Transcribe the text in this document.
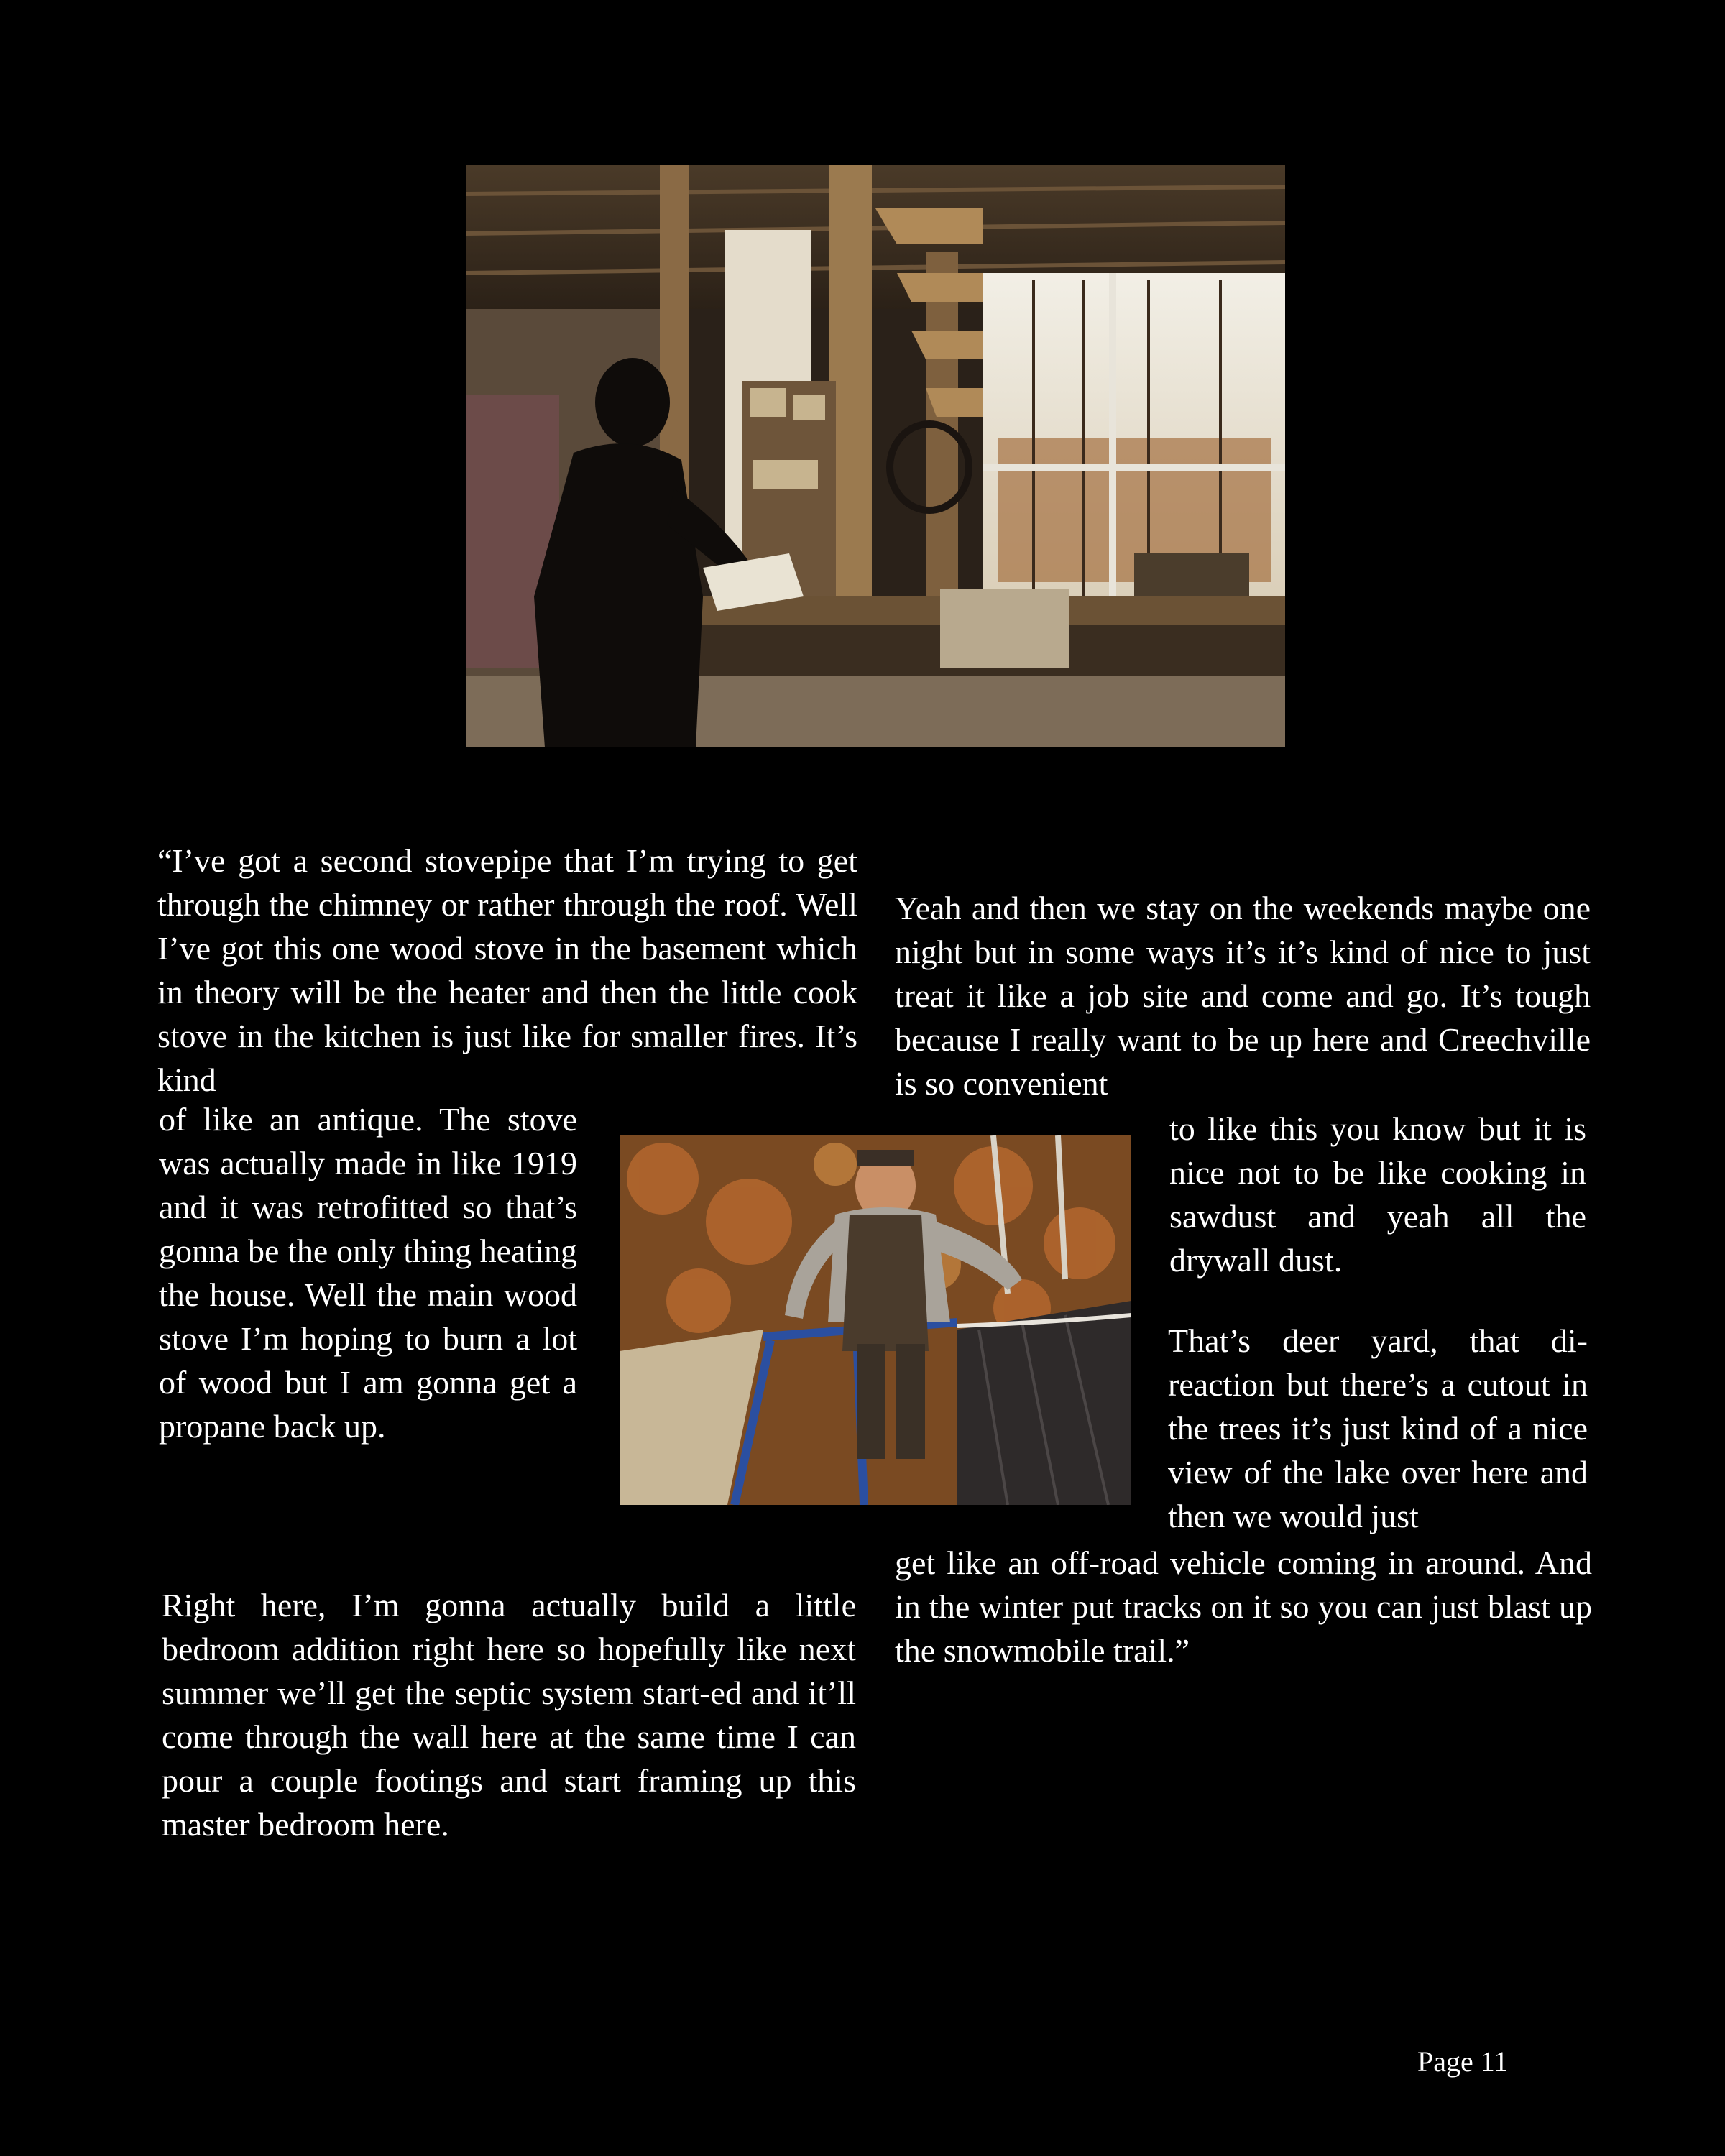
“I’ve got a second stovepipe that I’m trying to get through the chimney or rather through the roof. Well I’ve got this one wood stove in the basement which in theory will be the heater and then the little cook stove in the kitchen is just like for smaller fires. It’s kind

of like an antique. The stove was actually made in like 1919 and it was retrofitted so that’s gonna be the only thing heating the house. Well the main wood stove I’m hoping to burn a lot of wood but I am gonna get a propane back up.

Right here, I’m gonna actually build a little bedroom addition right here so hopefully like next summer we’ll get the septic system start-ed and it’ll come through the wall here at the same time I can pour a couple footings and start framing up this master bedroom here.

Yeah and then we stay on the weekends maybe one night but in some ways it’s it’s kind of nice to just treat it like a job site and come and go. It’s tough because I really want to be up here and Creechville is so convenient

to like this you know but it is nice not to be like cooking in sawdust and yeah all the drywall dust.

That’s deer yard, that di-reaction but there’s a cutout in the trees it’s just kind of a nice view of the lake over here and then we would just

get like an off-road vehicle coming in around. And in the winter put tracks on it so you can just blast up the snowmobile trail.”

Page 11
